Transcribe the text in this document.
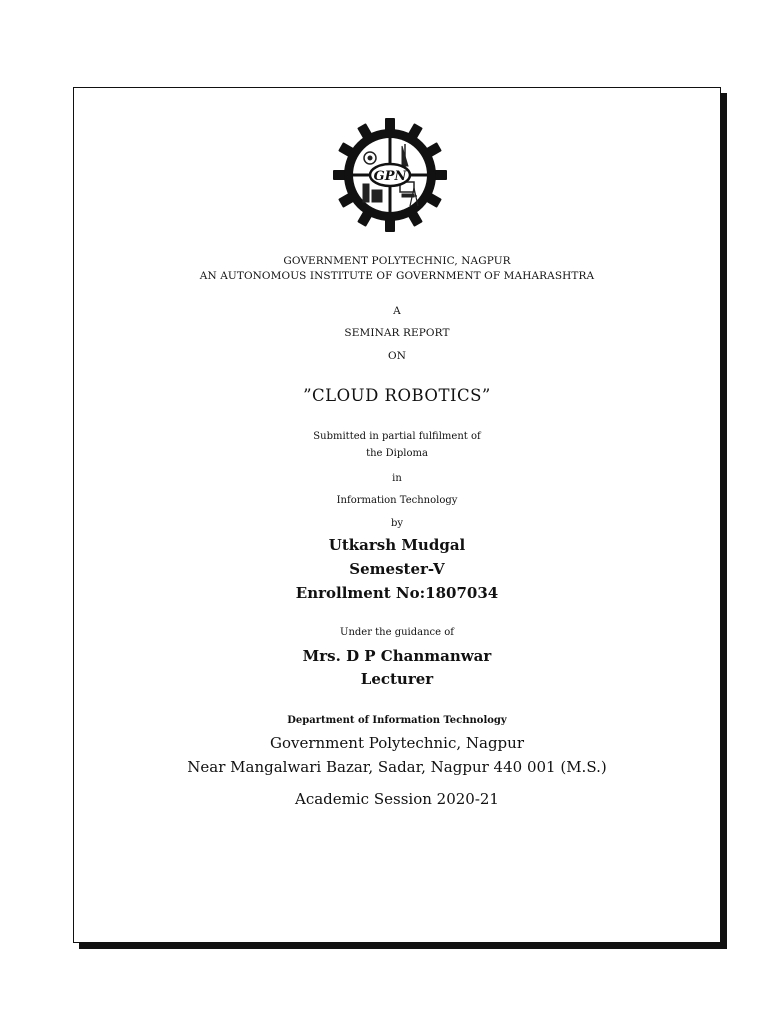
GPN
GOVERNMENT POLYTECHNIC, NAGPUR
AN AUTONOMOUS INSTITUTE OF GOVERNMENT OF MAHARASHTRA
A
SEMINAR REPORT
ON
”CLOUD ROBOTICS”
Submitted in partial fulfilment of
the Diploma
in
Information Technology
by
Utkarsh Mudgal
Semester-V
Enrollment No:1807034
Under the guidance of
Mrs. D P Chanmanwar
Lecturer
Department of Information Technology
Government Polytechnic, Nagpur
Near Mangalwari Bazar, Sadar, Nagpur 440 001 (M.S.)
Academic Session 2020-21
